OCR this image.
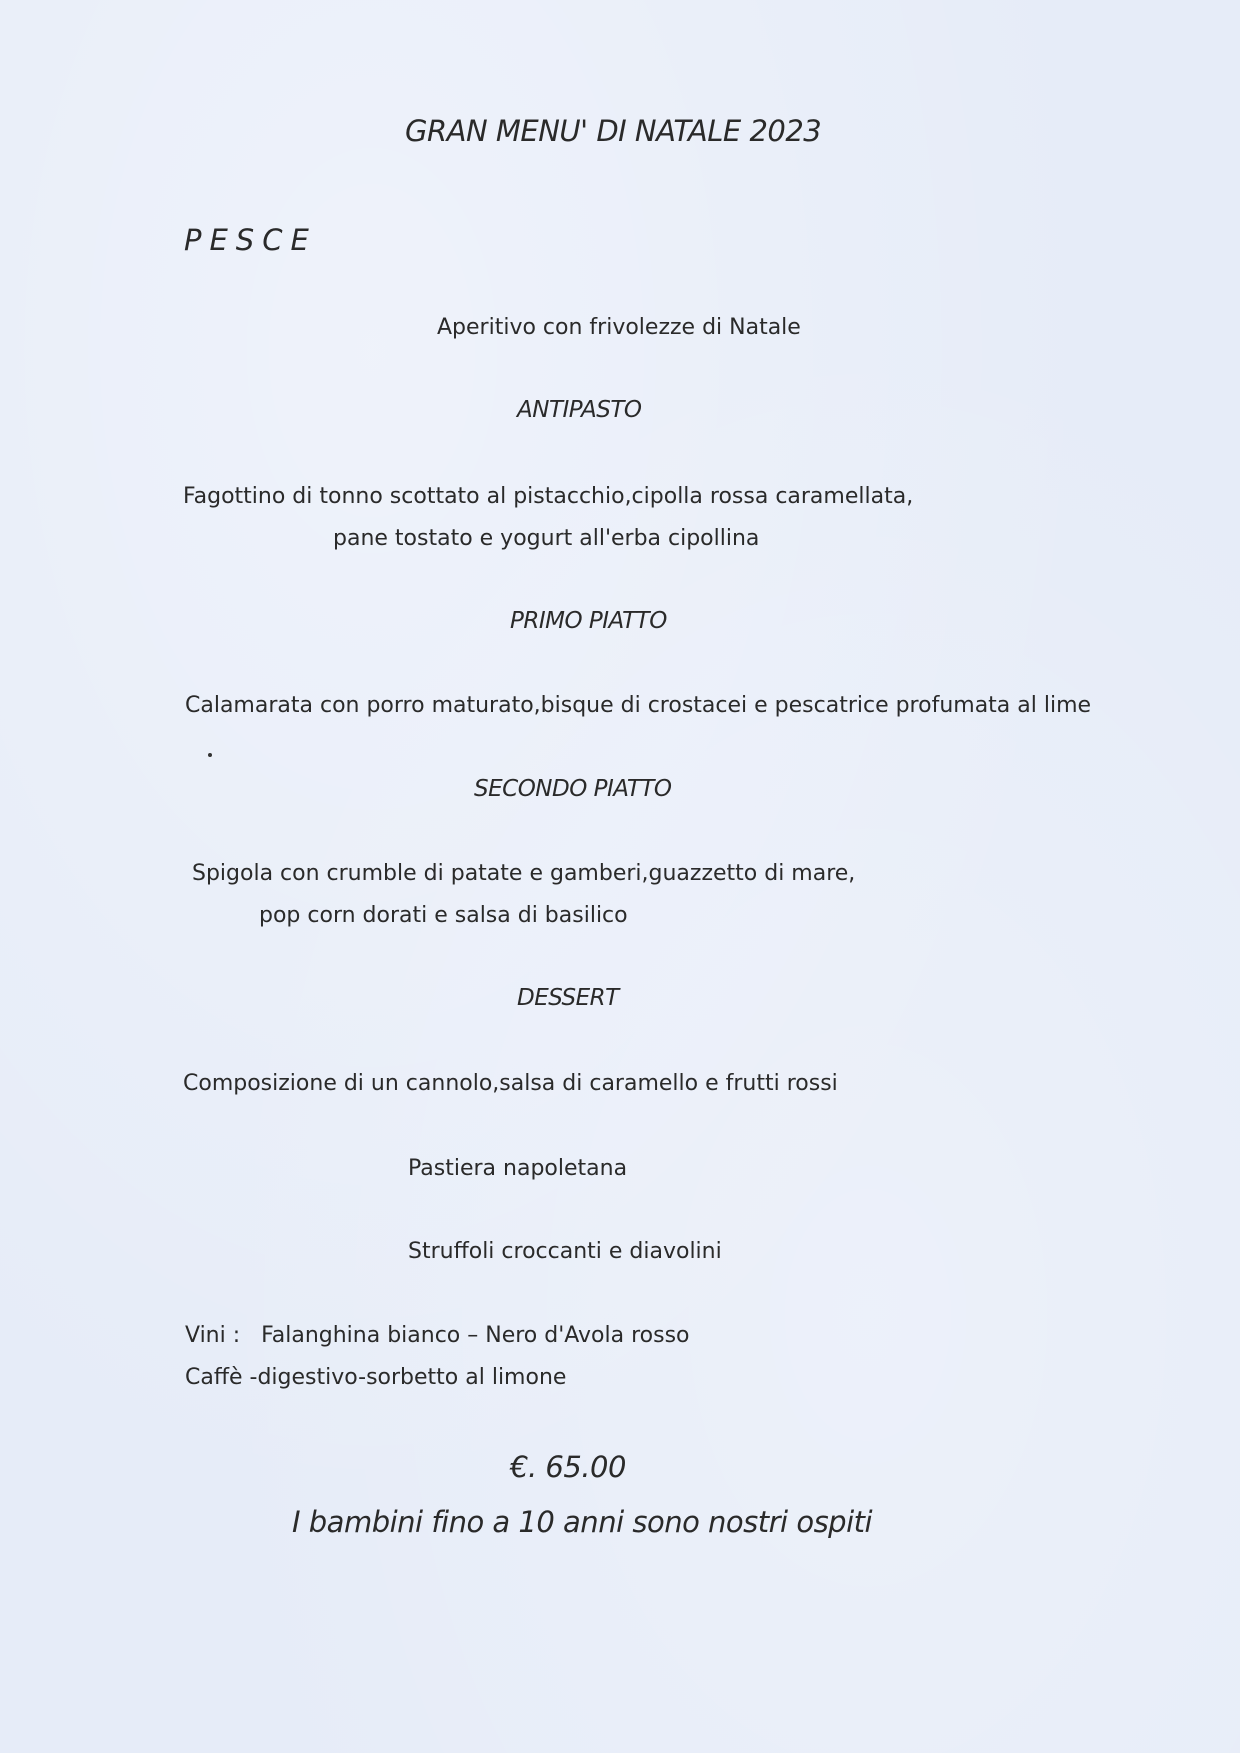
GRAN MENU' DI NATALE 2023
PESCE
Aperitivo con frivolezze di Natale
ANTIPASTO
Fagottino di tonno scottato al pistacchio,cipolla rossa caramellata,
pane tostato e yogurt all'erba cipollina
PRIMO PIATTO
Calamarata con porro maturato,bisque di crostacei e pescatrice profumata al lime
SECONDO PIATTO
Spigola con crumble di patate e gamberi,guazzetto di mare,
pop corn dorati e salsa di basilico
DESSERT
Composizione di un cannolo,salsa di caramello e frutti rossi
Pastiera napoletana
Struffoli croccanti e diavolini
Vini :   Falanghina bianco – Nero d'Avola rosso
Caffè -digestivo-sorbetto al limone
€. 65.00
I bambini fino a 10 anni sono nostri ospiti
